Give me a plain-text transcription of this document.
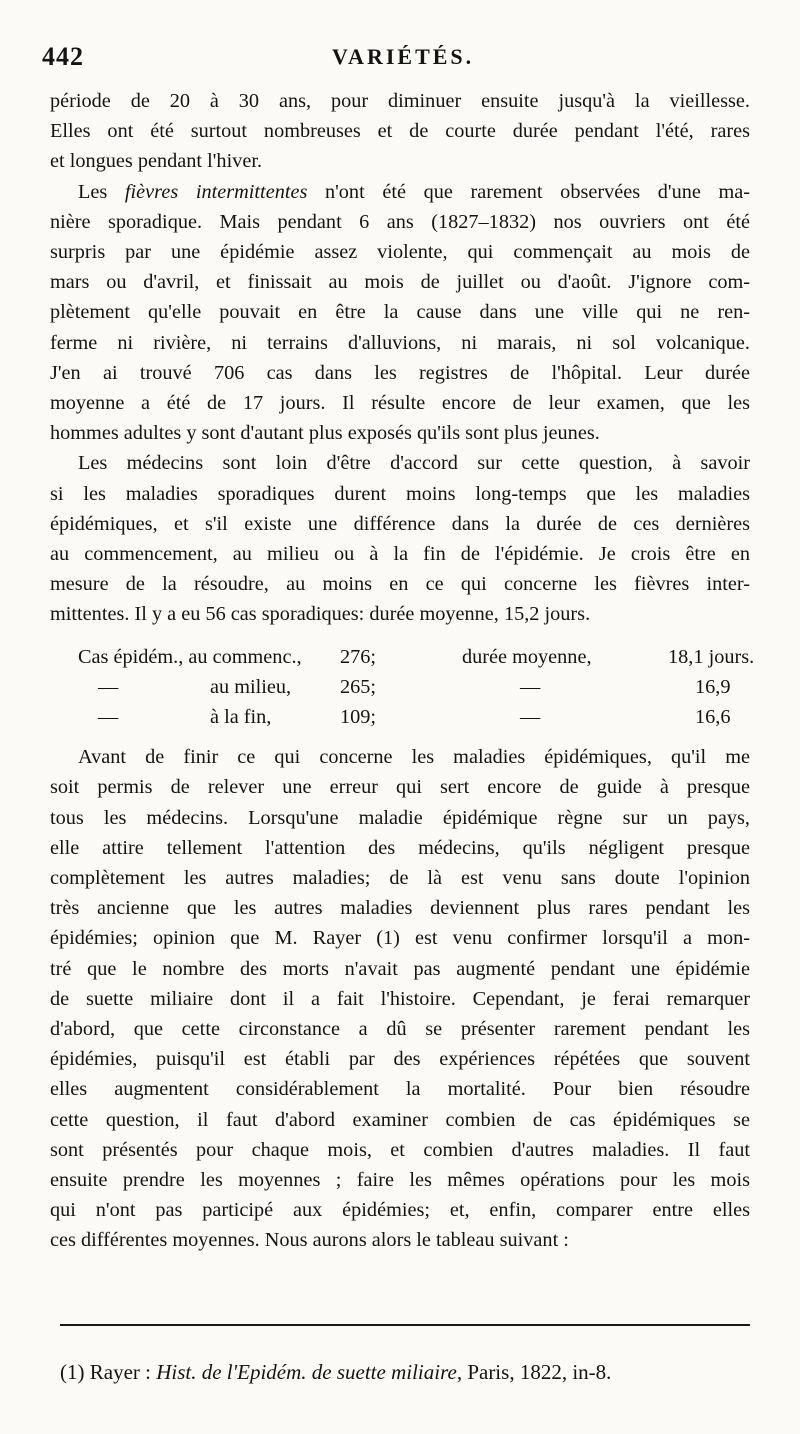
442	VARIÉTÉS.

période de 20 à 30 ans, pour diminuer ensuite jusqu'à la vieillesse.
Elles ont été surtout nombreuses et de courte durée pendant l'été, rares
et longues pendant l'hiver.

Les fièvres intermittentes n'ont été que rarement observées d'une ma-
nière sporadique. Mais pendant 6 ans (1827–1832) nos ouvriers ont été
surpris par une épidémie assez violente, qui commençait au mois de
mars ou d'avril, et finissait au mois de juillet ou d'août. J'ignore com-
plètement qu'elle pouvait en être la cause dans une ville qui ne ren-
ferme ni rivière, ni terrains d'alluvions, ni marais, ni sol volcanique.
J'en ai trouvé 706 cas dans les registres de l'hôpital. Leur durée
moyenne a été de 17 jours. Il résulte encore de leur examen, que les
hommes adultes y sont d'autant plus exposés qu'ils sont plus jeunes.

Les médecins sont loin d'être d'accord sur cette question, à savoir
si les maladies sporadiques durent moins long-temps que les maladies
épidémiques, et s'il existe une différence dans la durée de ces dernières
au commencement, au milieu ou à la fin de l'épidémie. Je crois être en
mesure de la résoudre, au moins en ce qui concerne les fièvres inter-
mittentes. Il y a eu 56 cas sporadiques: durée moyenne, 15,2 jours.

Cas épidém., au commenc., 276;	durée moyenne,	18,1 jours.
—	au milieu, 265;	—	16,9
—	à la fin,	109;	—	16,6

Avant de finir ce qui concerne les maladies épidémiques, qu'il me
soit permis de relever une erreur qui sert encore de guide à presque
tous les médecins. Lorsqu'une maladie épidémique règne sur un pays,
elle attire tellement l'attention des médecins, qu'ils négligent presque
complètement les autres maladies; de là est venu sans doute l'opinion
très ancienne que les autres maladies deviennent plus rares pendant les
épidémies; opinion que M. Rayer (1) est venu confirmer lorsqu'il a mon-
tré que le nombre des morts n'avait pas augmenté pendant une épidémie
de suette miliaire dont il a fait l'histoire. Cependant, je ferai remarquer
d'abord, que cette circonstance a dû se présenter rarement pendant les
épidémies, puisqu'il est établi par des expériences répétées que souvent
elles augmentent considérablement la mortalité. Pour bien résoudre
cette question, il faut d'abord examiner combien de cas épidémiques se
sont présentés pour chaque mois, et combien d'autres maladies. Il faut
ensuite prendre les moyennes ; faire les mêmes opérations pour les mois
qui n'ont pas participé aux épidémies; et, enfin, comparer entre elles
ces différentes moyennes. Nous aurons alors le tableau suivant :

(1) Rayer : Hist. de l'Epidém. de suette miliaire, Paris, 1822, in-8.
